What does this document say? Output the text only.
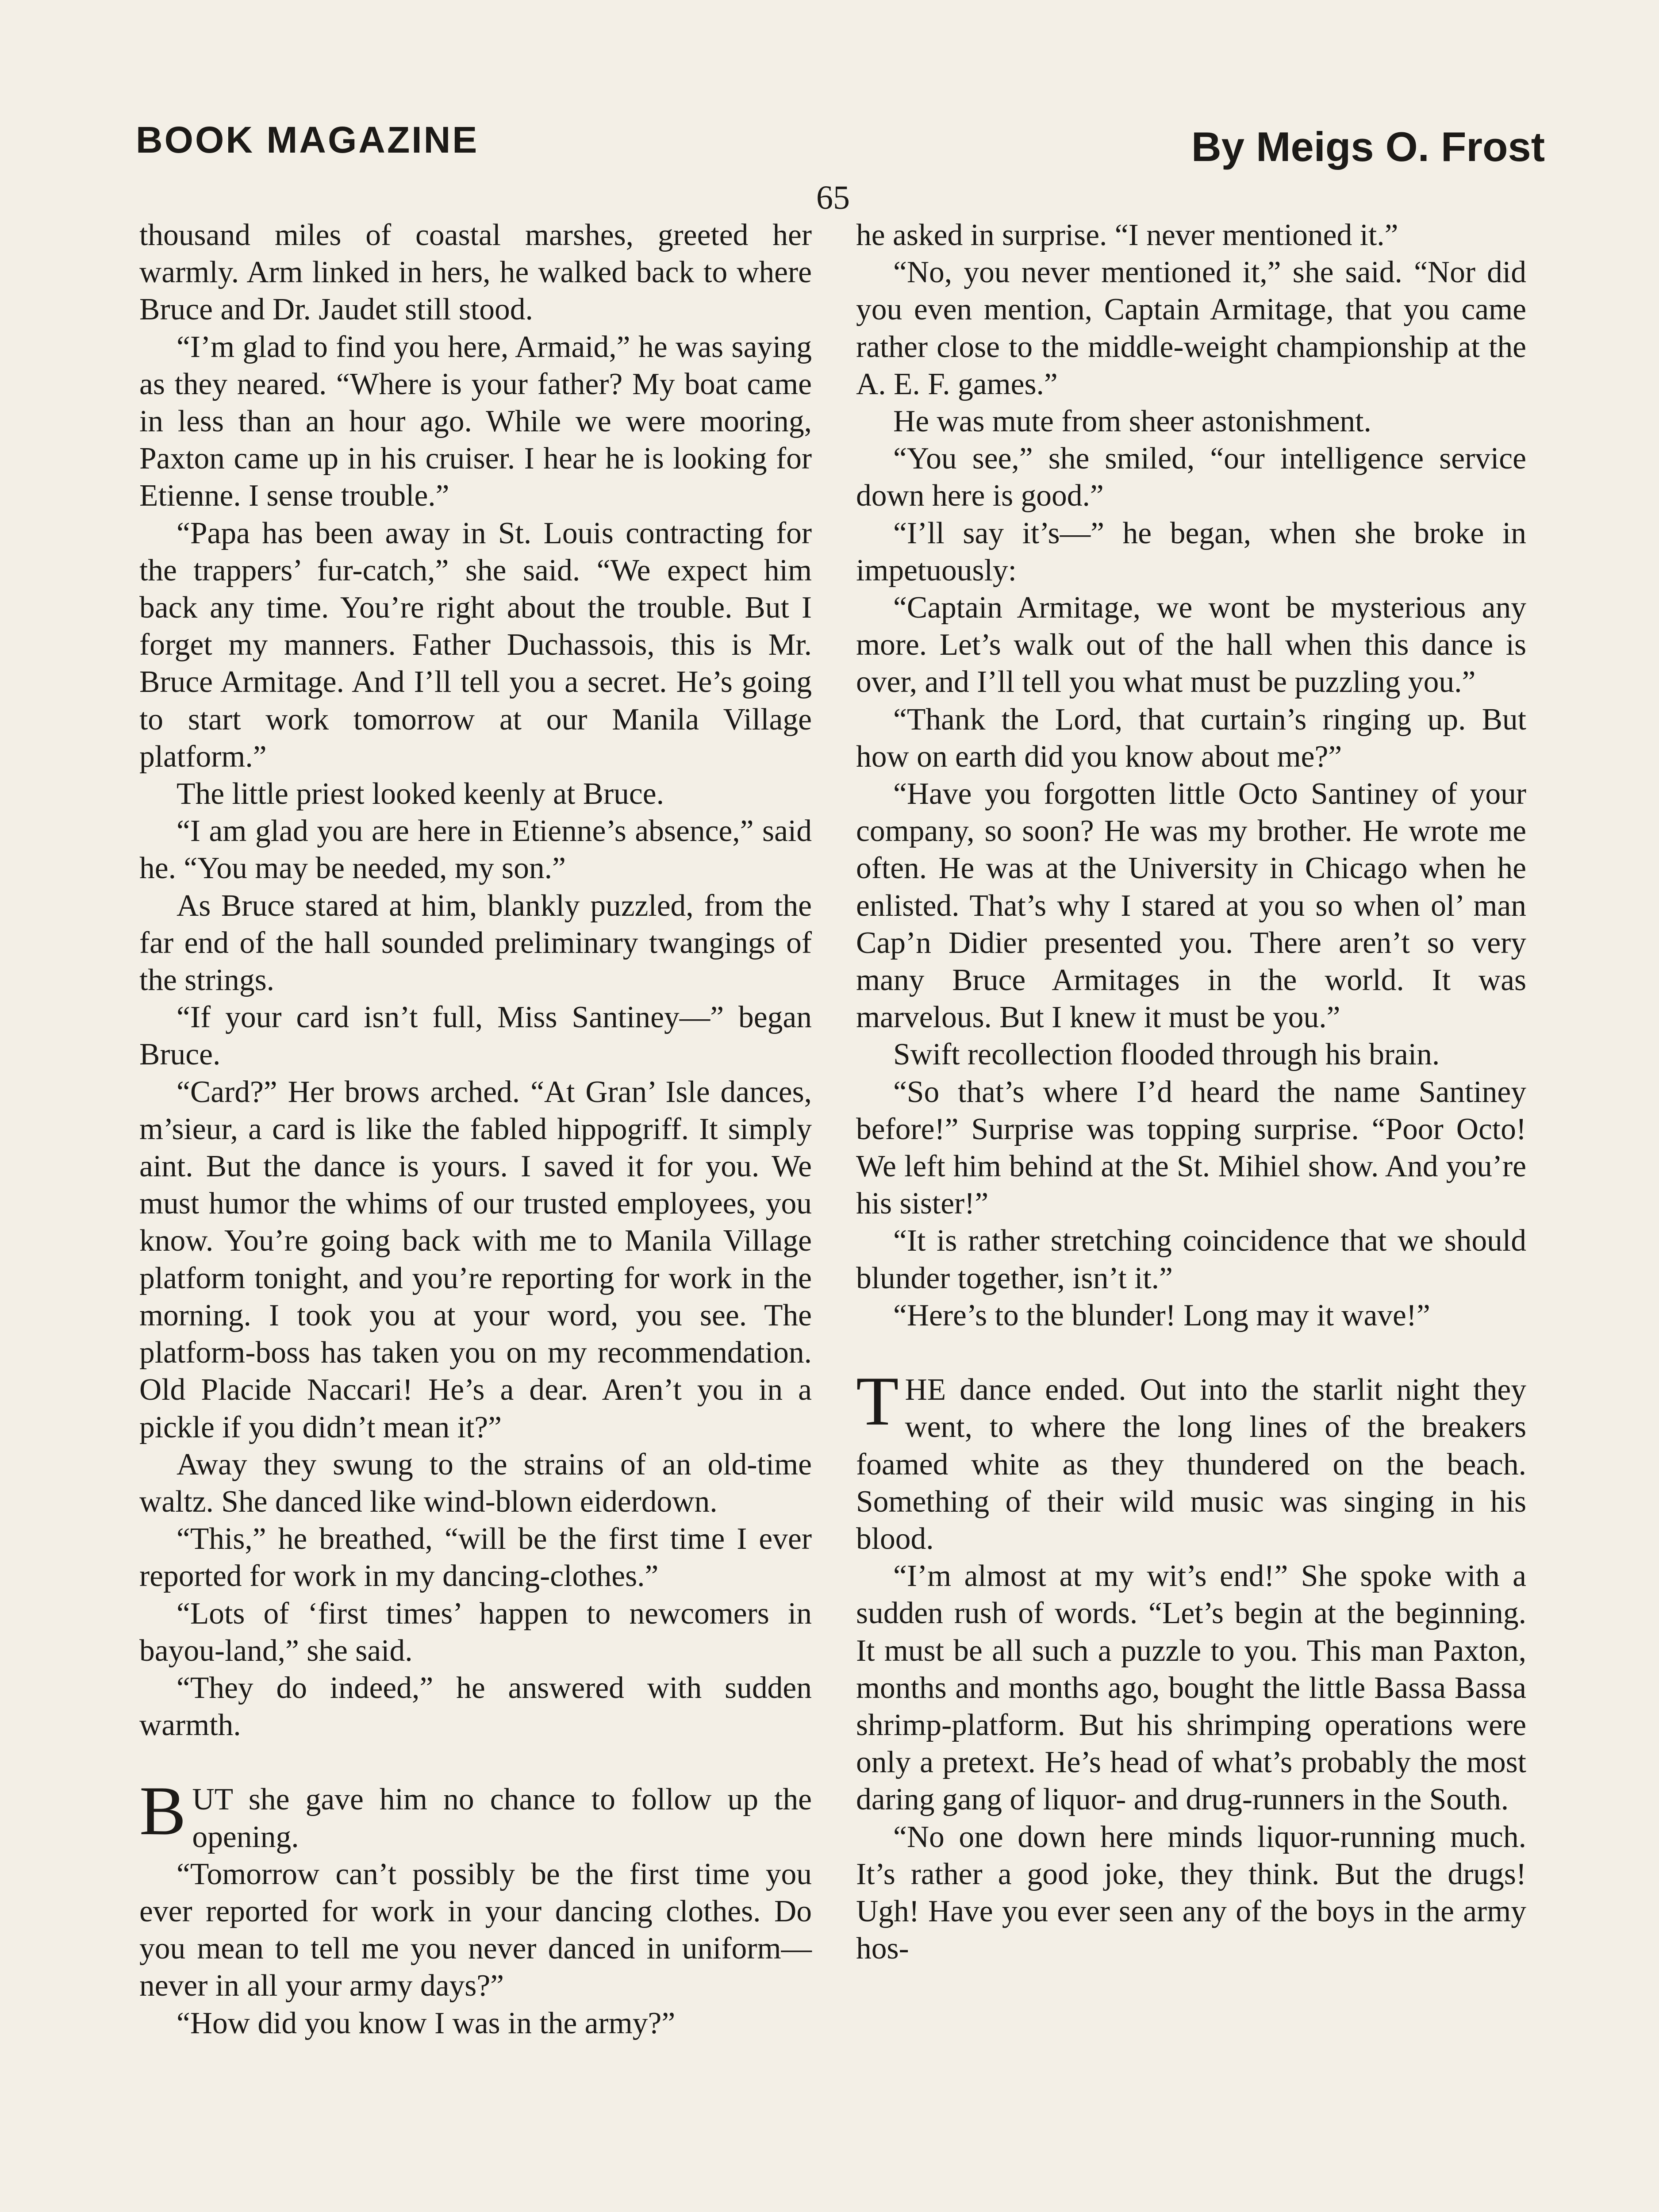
BOOK MAGAZINE	By Meigs O. Frost
65

thousand miles of coastal marshes, greeted her warmly. Arm linked in hers, he walked back to where Bruce and Dr. Jaudet still stood.

“I’m glad to find you here, Armaid,” he was saying as they neared. “Where is your father? My boat came in less than an hour ago. While we were mooring, Paxton came up in his cruiser. I hear he is looking for Etienne. I sense trouble.”

“Papa has been away in St. Louis contracting for the trappers’ fur-catch,” she said. “We expect him back any time. You’re right about the trouble. But I forget my manners. Father Duchassois, this is Mr. Bruce Armitage. And I’ll tell you a secret. He’s going to start work tomorrow at our Manila Village platform.”

The little priest looked keenly at Bruce.

“I am glad you are here in Etienne’s absence,” said he. “You may be needed, my son.”

As Bruce stared at him, blankly puzzled, from the far end of the hall sounded preliminary twangings of the strings.

“If your card isn’t full, Miss Santiney—” began Bruce.

“Card?” Her brows arched. “At Gran’ Isle dances, m’sieur, a card is like the fabled hippogriff. It simply aint. But the dance is yours. I saved it for you. We must humor the whims of our trusted employees, you know. You’re going back with me to Manila Village platform tonight, and you’re reporting for work in the morning. I took you at your word, you see. The platform-boss has taken you on my recommendation. Old Placide Naccari! He’s a dear. Aren’t you in a pickle if you didn’t mean it?”

Away they swung to the strains of an old-time waltz. She danced like wind-blown eiderdown.

“This,” he breathed, “will be the first time I ever reported for work in my dancing-clothes.”

“Lots of ‘first times’ happen to newcomers in bayou-land,” she said.

“They do indeed,” he answered with sudden warmth.

BUT she gave him no chance to follow up the opening.

“Tomorrow can’t possibly be the first time you ever reported for work in your dancing clothes. Do you mean to tell me you never danced in uniform—never in all your army days?”

“How did you know I was in the army?”

he asked in surprise. “I never mentioned it.”

“No, you never mentioned it,” she said. “Nor did you even mention, Captain Armitage, that you came rather close to the middle-weight championship at the A. E. F. games.”

He was mute from sheer astonishment.

“You see,” she smiled, “our intelligence service down here is good.”

“I’ll say it’s—” he began, when she broke in impetuously:

“Captain Armitage, we wont be mysterious any more. Let’s walk out of the hall when this dance is over, and I’ll tell you what must be puzzling you.”

“Thank the Lord, that curtain’s ringing up. But how on earth did you know about me?”

“Have you forgotten little Octo Santiney of your company, so soon? He was my brother. He wrote me often. He was at the University in Chicago when he enlisted. That’s why I stared at you so when ol’ man Cap’n Didier presented you. There aren’t so very many Bruce Armitages in the world. It was marvelous. But I knew it must be you.”

Swift recollection flooded through his brain.

“So that’s where I’d heard the name Santiney before!” Surprise was topping surprise. “Poor Octo! We left him behind at the St. Mihiel show. And you’re his sister!”

“It is rather stretching coincidence that we should blunder together, isn’t it.”

“Here’s to the blunder! Long may it wave!”

THE dance ended. Out into the starlit night they went, to where the long lines of the breakers foamed white as they thundered on the beach. Something of their wild music was singing in his blood.

“I’m almost at my wit’s end!” She spoke with a sudden rush of words. “Let’s begin at the beginning. It must be all such a puzzle to you. This man Paxton, months and months ago, bought the little Bassa Bassa shrimp-platform. But his shrimping operations were only a pretext. He’s head of what’s probably the most daring gang of liquor- and drug-runners in the South.

“No one down here minds liquor-running much. It’s rather a good joke, they think. But the drugs! Ugh! Have you ever seen any of the boys in the army hos-
